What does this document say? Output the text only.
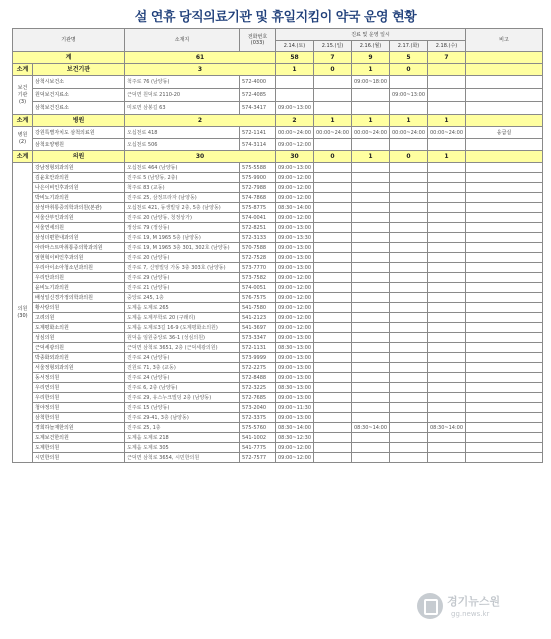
설 연휴 당직의료기관 및 휴일지킴이 약국 운영 현황
기관명		소재지	전화번호
(033)	진료 및 운영 일시					비고
				2.14.(토)	2.15.(일)	2.16.(월)	2.17.(화)	2.18.(수)	
계		61		58	7	9	5	7	
소계	보건기관	3		1	0	1	0		
보건
기관
(3)	삼척시보건소	척주로 76 (남양동)	572-4000			09:00~18:00			
	원덕보건지료소	근덕면 원덕로 2110-20	572-4085				09:00~13:00		
	삼척보건진료소	미로면 삼봉길 63	574-3417	09:00~13:00					
소계	병원	2		2	1	1	1	1	
병원
(2)	강원특별자치도 삼척의료원	오십천로 418	572-1141	00:00~24:00	00:00~24:00	00:00~24:00	00:00~24:00	00:00~24:00	응급실
	삼척요양병원	오십천로 506	574-3114	09:00~12:00					
소계	의원	30		30	0	1	0	1	
의원
(30)	강남정형외과의원	오십천로 464 (남양동)	575-5588	09:00~13:00					
	김윤호안과의원	진주로 5 (남양동, 2층)	575-9900	09:00~12:00					
	나은이비인후과의원	척주로 83 (교동)	572-7988	09:00~12:00					
	박비뇨기과의원	진주로 25, 삼정프라자 (남양동)	574-7868	09:00~12:00					
	삼성마취통증의학과의원(본관)	오십천로 421, 동생빌딩 2층, 5층 (남양동)	575-8775	08:30~14:00					
	서울산부인과의원	진주로 20 (남양동, 청정상가)	574-0041	09:00~12:00					
	서울연세의원	정상로 79 (정상동)	572-8251	09:00~13:00					
	삼성더편한내과의원	진주로 19, M 1965 5층 (남양동)	572-3133	09:00~13:30					
	아라마스트마취통증의학과의원	진주로 19, M 1965 3층 301, 302호 (남양동)	570-7588	09:00~13:00					
	엄현혁이비인후과의원	진주로 20 (남양동)	572-7528	09:00~13:00					
	우리아이소아청소년과의원	진주로 7, 신영빌딩 가동 3층 303호 (남양동)	573-7770	09:00~13:00					
	우리안과의원	진주로 29 (남양동)	573-7582	09:00~12:00					
	윤비뇨기과의원	진주로 21 (남양동)	574-0051	09:00~12:00					
	배성일신경가정의학과의원	중앙로 245, 1층	576-7575	09:00~12:00					
	황사랑의원	도계읍 도계로 265	541-7580	09:00~12:00					
	고려의원	도계읍 도계부학로 20 (구래리)	541-2123	09:00~12:00					
	도계평화소의원	도계읍 도계로3길 16-9 (도계평화소의원)	541-3697	09:00~12:00					
	성심의원	원덕읍 임원중앙로 36-1 (성심의원)	573-3347	09:00~13:00					
	근덕세광의원	근덕면 삼척로 3651, 2층 (근덕세광의원)	572-1131	08:30~13:00					
	박종화외과의원	진주로 24 (남양동)	573-9999	09:00~13:00					
	서울정형외과의원	진원로 71, 3층 (교동)	572-2275	09:00~13:00					
	동서정의원	진주로 24 (남양동)	572-8488	09:00~13:00					
	우리연의원	진주로 6, 2층 (남양동)	572-3225	08:30~13:00					
	우리한의원	진주로 29, 유스누크빌딩 2층 (남양동)	572-7685	09:00~13:00					
	청야정의원	진주로 15 (남양동)	573-2040	09:00~11:30					
	삼척한의원	진주로 29-41, 3층 (남양동)	572-3375	09:00~13:00					
	경희하늘재한의원	진주로 25, 1층	575-5760	08:30~14:00		08:30~14:00		08:30~14:00	
	도계보건한의원	도계읍 도계로 218	541-1002	08:30~12:30					
	도계한의원	도계읍 도계로 305	541-7775	09:00~12:00					
	시민한의원	근덕면 삼척로 3654, 시민한의원	572-7577	09:00~12:00					
경기뉴스원
gg.news.kr
